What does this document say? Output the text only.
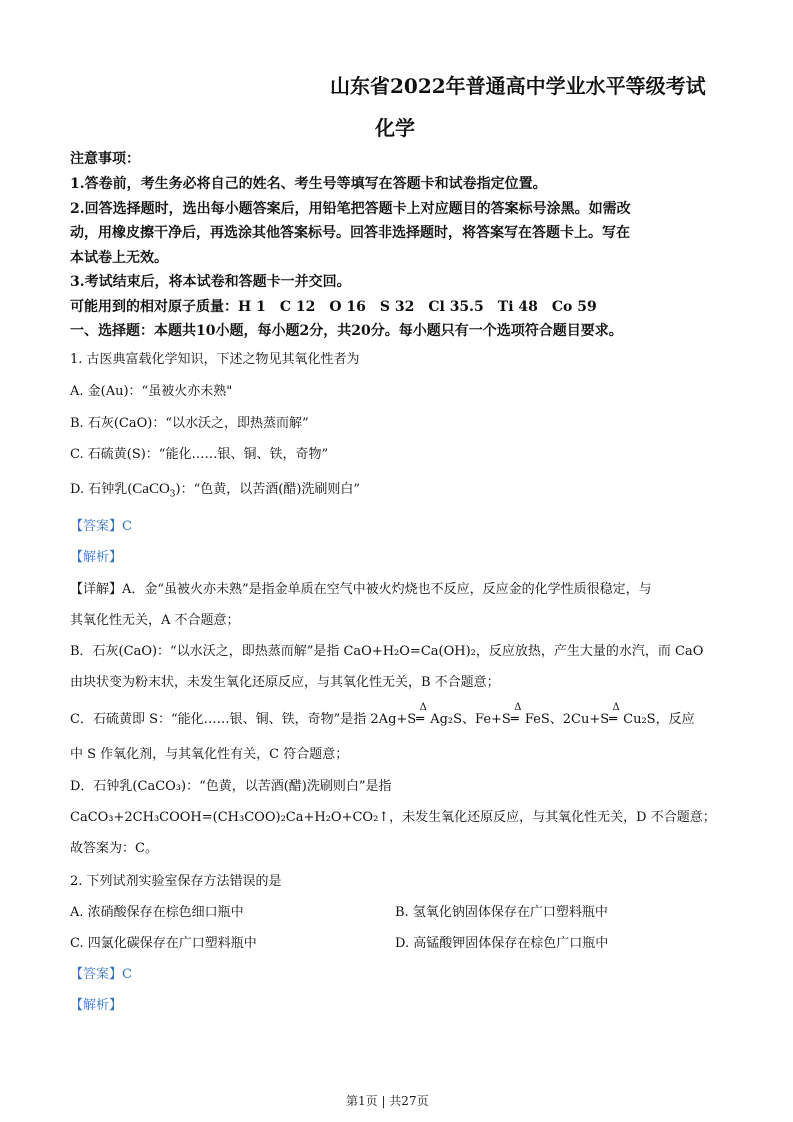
山东省2022年普通高中学业水平等级考试
化学
注意事项：
1.答卷前，考生务必将自己的姓名、考生号等填写在答题卡和试卷指定位置。
2.回答选择题时，选出每小题答案后，用铅笔把答题卡上对应题目的答案标号涂黑。如需改
动，用橡皮擦干净后，再选涂其他答案标号。回答非选择题时，将答案写在答题卡上。写在
本试卷上无效。
3.考试结束后，将本试卷和答题卡一并交回。
可能用到的相对原子质量：H 1　C 12　O 16　S 32　Cl 35.5　Ti 48　Co 59
一、选择题：本题共10小题，每小题2分，共20分。每小题只有一个选项符合题目要求。
1. 古医典富载化学知识，下述之物见其氧化性者为
A. 金(Au)：“虽被火亦未熟"
B. 石灰(CaO)：“以水沃之，即热蒸而解”
C. 石硫黄(S)：“能化……银、铜、铁，奇物”
D. 石钟乳(CaCO$_3$)：“色黄，以苦酒(醋)洗刷则白”
【答案】C
【解析】
【详解】A．金“虽被火亦未熟”是指金单质在空气中被火灼烧也不反应，反应金的化学性质很稳定，与
其氧化性无关，A 不合题意；
B．石灰(CaO)：“以水沃之，即热蒸而解”是指 CaO+H₂O=Ca(OH)₂，反应放热，产生大量的水汽，而 CaO
由块状变为粉末状，未发生氧化还原反应，与其氧化性无关，B 不合题意；
C．石硫黄即 S：“能化……银、铜、铁，奇物”是指 2Ag+S
Δ
═ Ag₂S、Fe+S
Δ
═ FeS、2Cu+S
Δ
═ Cu₂S，反应
中 S 作氧化剂，与其氧化性有关，C 符合题意；
D．石钟乳(CaCO₃)：“色黄，以苦酒(醋)洗刷则白”是指
CaCO₃+2CH₃COOH=(CH₃COO)₂Ca+H₂O+CO₂↑，未发生氧化还原反应，与其氧化性无关，D 不合题意；
故答案为：C。
2. 下列试剂实验室保存方法错误的是
A. 浓硝酸保存在棕色细口瓶中	B. 氢氧化钠固体保存在广口塑料瓶中
C. 四氯化碳保存在广口塑料瓶中	D. 高锰酸钾固体保存在棕色广口瓶中
【答案】C
【解析】
第1页 | 共27页
